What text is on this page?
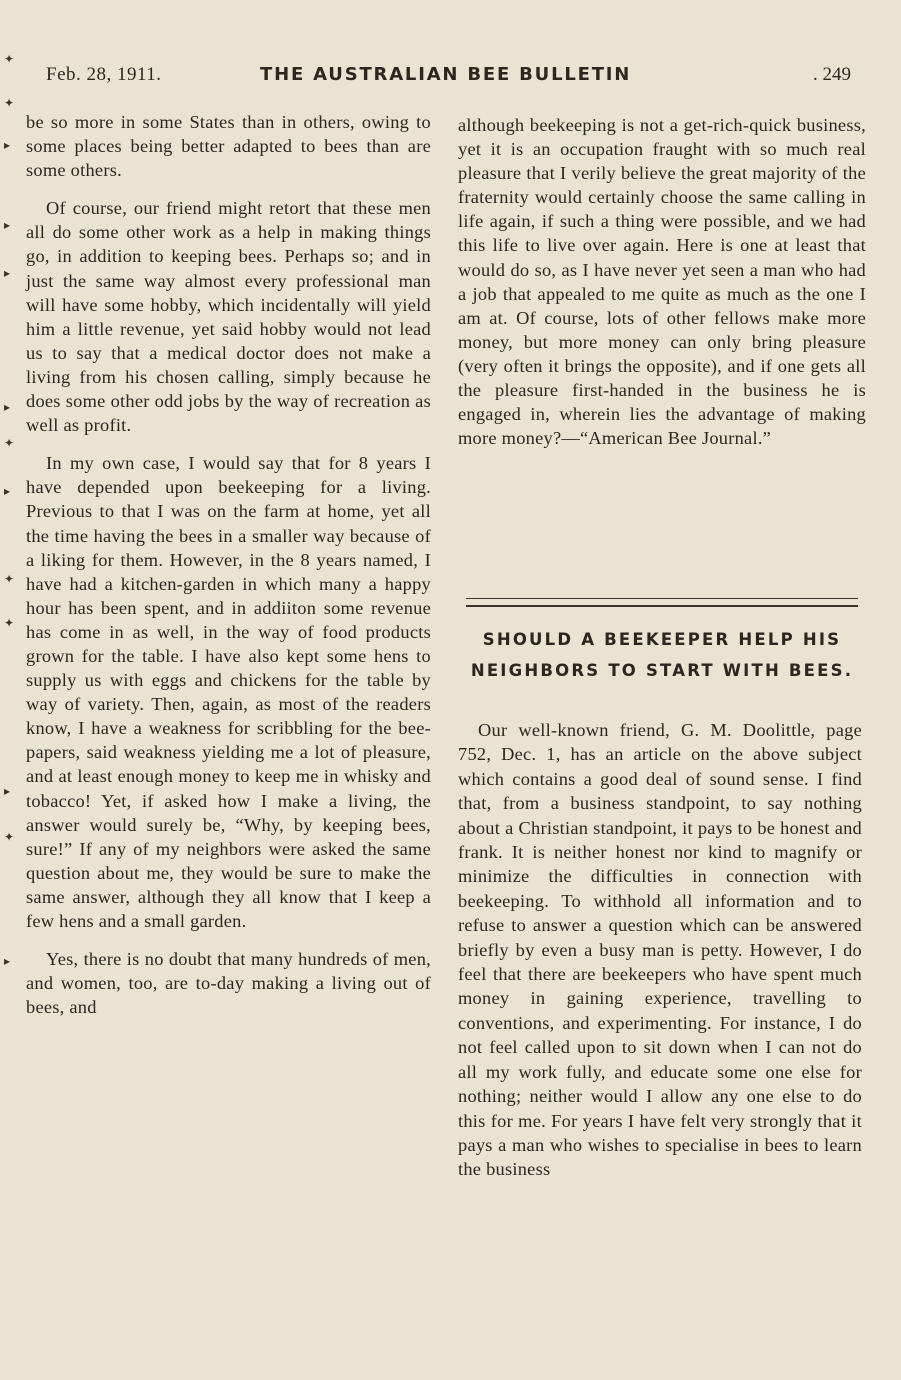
✦
✦
▸
▸
▸
▸
✦
▸
✦
✦
▸
✦
▸
Feb. 28, 1911.	THE AUSTRALIAN BEE BULLETIN	. 249

be so more in some States than in others, owing to some places being better adapted to bees than are some others.

Of course, our friend might retort that these men all do some other work as a help in making things go, in addition to keeping bees. Perhaps so; and in just the same way almost every professional man will have some hobby, which incidentally will yield him a little revenue, yet said hobby would not lead us to say that a medical doctor does not make a living from his chosen calling, simply because he does some other odd jobs by the way of recreation as well as profit.

In my own case, I would say that for 8 years I have depended upon beekeeping for a living. Previous to that I was on the farm at home, yet all the time having the bees in a smaller way because of a liking for them. However, in the 8 years named, I have had a kitchen-garden in which many a happy hour has been spent, and in addiiton some revenue has come in as well, in the way of food products grown for the table. I have also kept some hens to supply us with eggs and chickens for the table by way of variety. Then, again, as most of the readers know, I have a weakness for scribbling for the bee-papers, said weakness yielding me a lot of pleasure, and at least enough money to keep me in whisky and tobacco! Yet, if asked how I make a living, the answer would surely be, “Why, by keeping bees, sure!” If any of my neighbors were asked the same question about me, they would be sure to make the same answer, although they all know that I keep a few hens and a small garden.

Yes, there is no doubt that many hundreds of men, and women, too, are to-day making a living out of bees, and

although beekeeping is not a get-rich-quick business, yet it is an occupation fraught with so much real pleasure that I verily believe the great majority of the fraternity would certainly choose the same calling in life again, if such a thing were possible, and we had this life to live over again. Here is one at least that would do so, as I have never yet seen a man who had a job that appealed to me quite as much as the one I am at. Of course, lots of other fellows make more money, but more money can only bring pleasure (very often it brings the opposite), and if one gets all the pleasure first-handed in the business he is engaged in, wherein lies the advantage of making more money?—“American Bee Journal.”

SHOULD A BEEKEEPER HELP HIS NEIGHBORS TO START WITH BEES.

Our well-known friend, G. M. Doolittle, page 752, Dec. 1, has an article on the above subject which contains a good deal of sound sense. I find that, from a business standpoint, to say nothing about a Christian standpoint, it pays to be honest and frank. It is neither honest nor kind to magnify or minimize the difficulties in connection with beekeeping. To withhold all information and to refuse to answer a question which can be answered briefly by even a busy man is petty. However, I do feel that there are beekeepers who have spent much money in gaining experience, travelling to conventions, and experimenting. For instance, I do not feel called upon to sit down when I can not do all my work fully, and educate some one else for nothing; neither would I allow any one else to do this for me. For years I have felt very strongly that it pays a man who wishes to specialise in bees to learn the business
